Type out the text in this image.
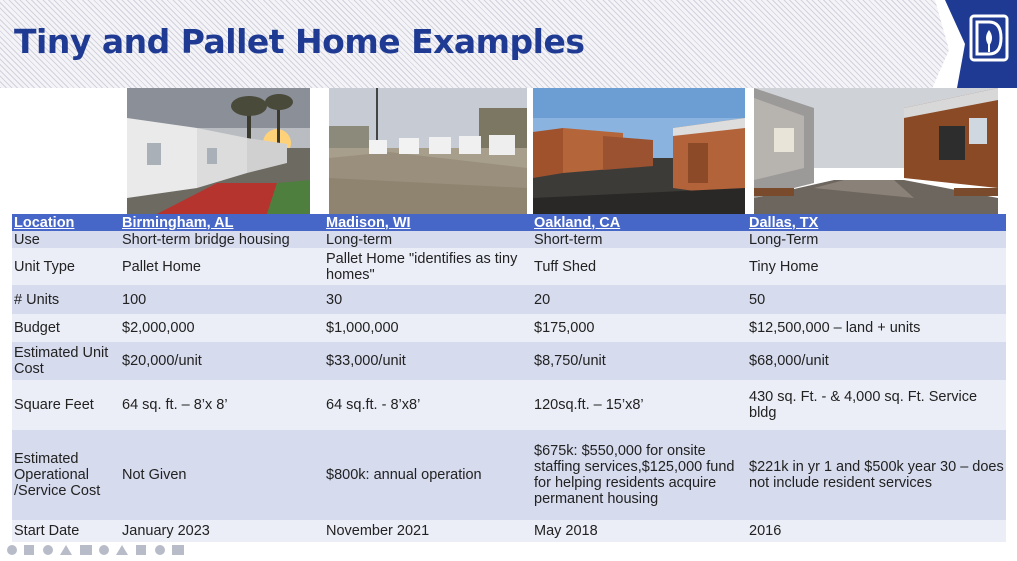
Tiny and Pallet Home Examples
Location	Birmingham, AL	Madison, WI	Oakland, CA	Dallas, TX
Use	Short-term bridge housing	Long-term	Short-term	Long-Term
Unit Type	Pallet Home	Pallet Home "identifies as tiny homes"	Tuff Shed	Tiny Home
# Units	100	30	20	50
Budget	$2,000,000	$1,000,000	$175,000	$12,500,000 – land + units
Estimated Unit Cost	$20,000/unit	$33,000/unit	$8,750/unit	$68,000/unit
Square Feet	64 sq. ft. – 8’x 8’	64 sq.ft. - 8’x8’	120sq.ft. – 15’x8’	430 sq. Ft. - & 4,000 sq. Ft. Service bldg
Estimated Operational /Service Cost	Not Given	$800k: annual operation	$675k: $550,000 for onsite staffing services,$125,000 fund for helping residents acquire permanent housing	$221k in yr 1 and $500k year 30 – does not include resident services
Start Date	January 2023	November 2021	May 2018	2016
